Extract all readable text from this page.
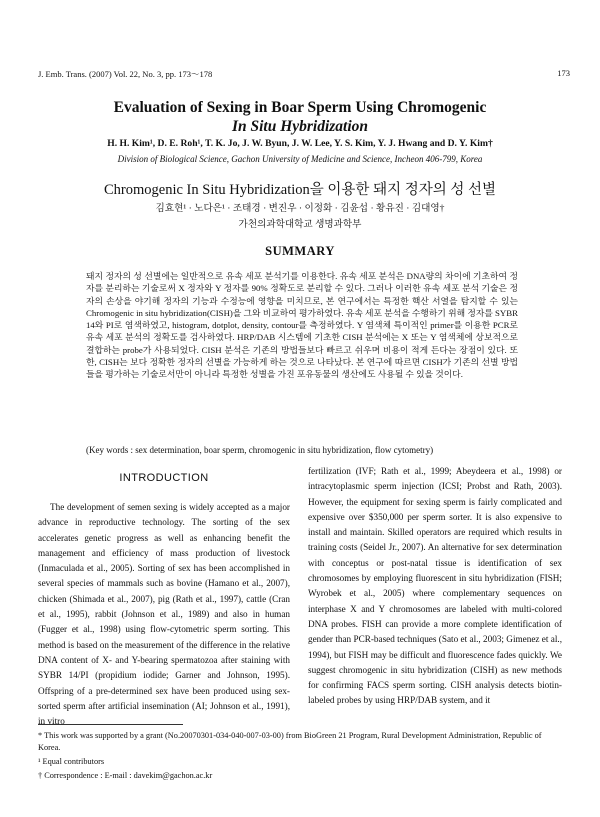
J. Emb. Trans. (2007) Vol. 22, No. 3, pp. 173～178	173
Evaluation of Sexing in Boar Sperm Using Chromogenic
In Situ Hybridization
H. H. Kim¹, D. E. Roh¹, T. K. Jo, J. W. Byun, J. W. Lee, Y. S. Kim, Y. J. Hwang and D. Y. Kim†
Division of Biological Science, Gachon University of Medicine and Science, Incheon 406-799, Korea
Chromogenic In Situ Hybridization을 이용한 돼지 정자의 성 선별
김효현¹ · 노다은¹ · 조태경 · 변진우 · 이정화 · 김윤섭 · 황유진 · 김대영†
가천의과학대학교 생명과학부
SUMMARY

돼지 정자의 성 선별에는 일반적으로 유속 세포 분석기를 이용한다. 유속 세포 분석은 DNA량의 차이에 기초하여 정자를 분리하는 기술로써 X 정자와 Y 정자를 90% 정확도로 분리할 수 있다. 그러나 이러한 유속 세포 분석 기술은 정자의 손상을 야기해 정자의 기능과 수정능에 영향을 미치므로, 본 연구에서는 특정한 핵산 서열을 탐지할 수 있는 Chromogenic in situ hybridization(CISH)을 그와 비교하여 평가하였다. 유속 세포 분석을 수행하기 위해 정자를 SYBR 14와 PI로 염색하였고, histogram, dotplot, density, contour를 측정하였다. Y 염색체 특이적인 primer를 이용한 PCR로 유속 세포 분석의 정확도를 검사하였다. HRP/DAB 시스템에 기초한 CISH 분석에는 X 또는 Y 염색체에 상보적으로 결합하는 probe가 사용되었다. CISH 분석은 기존의 방법들보다 빠르고 쉬우며 비용이 적게 든다는 장점이 있다. 또한, CISH는 보다 정확한 정자의 선별을 가능하게 하는 것으로 나타났다. 본 연구에 따르면 CISH가 기존의 선별 방법들을 평가하는 기술로서만이 아니라 특정한 성별을 가진 포유동물의 생산에도 사용될 수 있을 것이다.

(Key words : sex determination, boar sperm, chromogenic in situ hybridization, flow cytometry)
INTRODUCTION

The development of semen sexing is widely accepted as a major advance in reproductive technology. The sorting of the sex accelerates genetic progress as well as enhancing benefit the management and efficiency of mass production of livestock (Inmaculada et al., 2005). Sorting of sex has been accomplished in several species of mammals such as bovine (Hamano et al., 2007), chicken (Shimada et al., 2007), pig (Rath et al., 1997), cattle (Cran et al., 1995), rabbit (Johnson et al., 1989) and also in human (Fugger et al., 1998) using flow-cytometric sperm sorting. This method is based on the measurement of the difference in the relative DNA content of X- and Y-bearing spermatozoa after staining with SYBR 14/PI (propidium iodide; Garner and Johnson, 1995). Offspring of a pre-determined sex have been produced using sex-sorted sperm after artificial insemination (AI; Johnson et al., 1991), in vitro

fertilization (IVF; Rath et al., 1999; Abeydeera et al., 1998) or intracytoplasmic sperm injection (ICSI; Probst and Rath, 2003). However, the equipment for sexing sperm is fairly complicated and expensive over $350,000 per sperm sorter. It is also expensive to install and maintain. Skilled operators are required which results in training costs (Seidel Jr., 2007). An alternative for sex determination with conceptus or post-natal tissue is identification of sex chromosomes by employing fluorescent in situ hybridization (FISH; Wyrobek et al., 2005) where complementary sequences on interphase X and Y chromosomes are labeled with multi-colored DNA probes. FISH can provide a more complete identification of gender than PCR-based techniques (Sato et al., 2003; Gimenez et al., 1994), but FISH may be difficult and fluorescence fades quickly. We suggest chromogenic in situ hybridization (CISH) as new methods for confirming FACS sperm sorting. CISH analysis detects biotin-labeled probes by using HRP/DAB system, and it

* This work was supported by a grant (No.20070301-034-040-007-03-00) from BioGreen 21 Program, Rural Development Administration, Republic of Korea.
¹ Equal contributors
† Correspondence : E-mail : davekim@gachon.ac.kr
